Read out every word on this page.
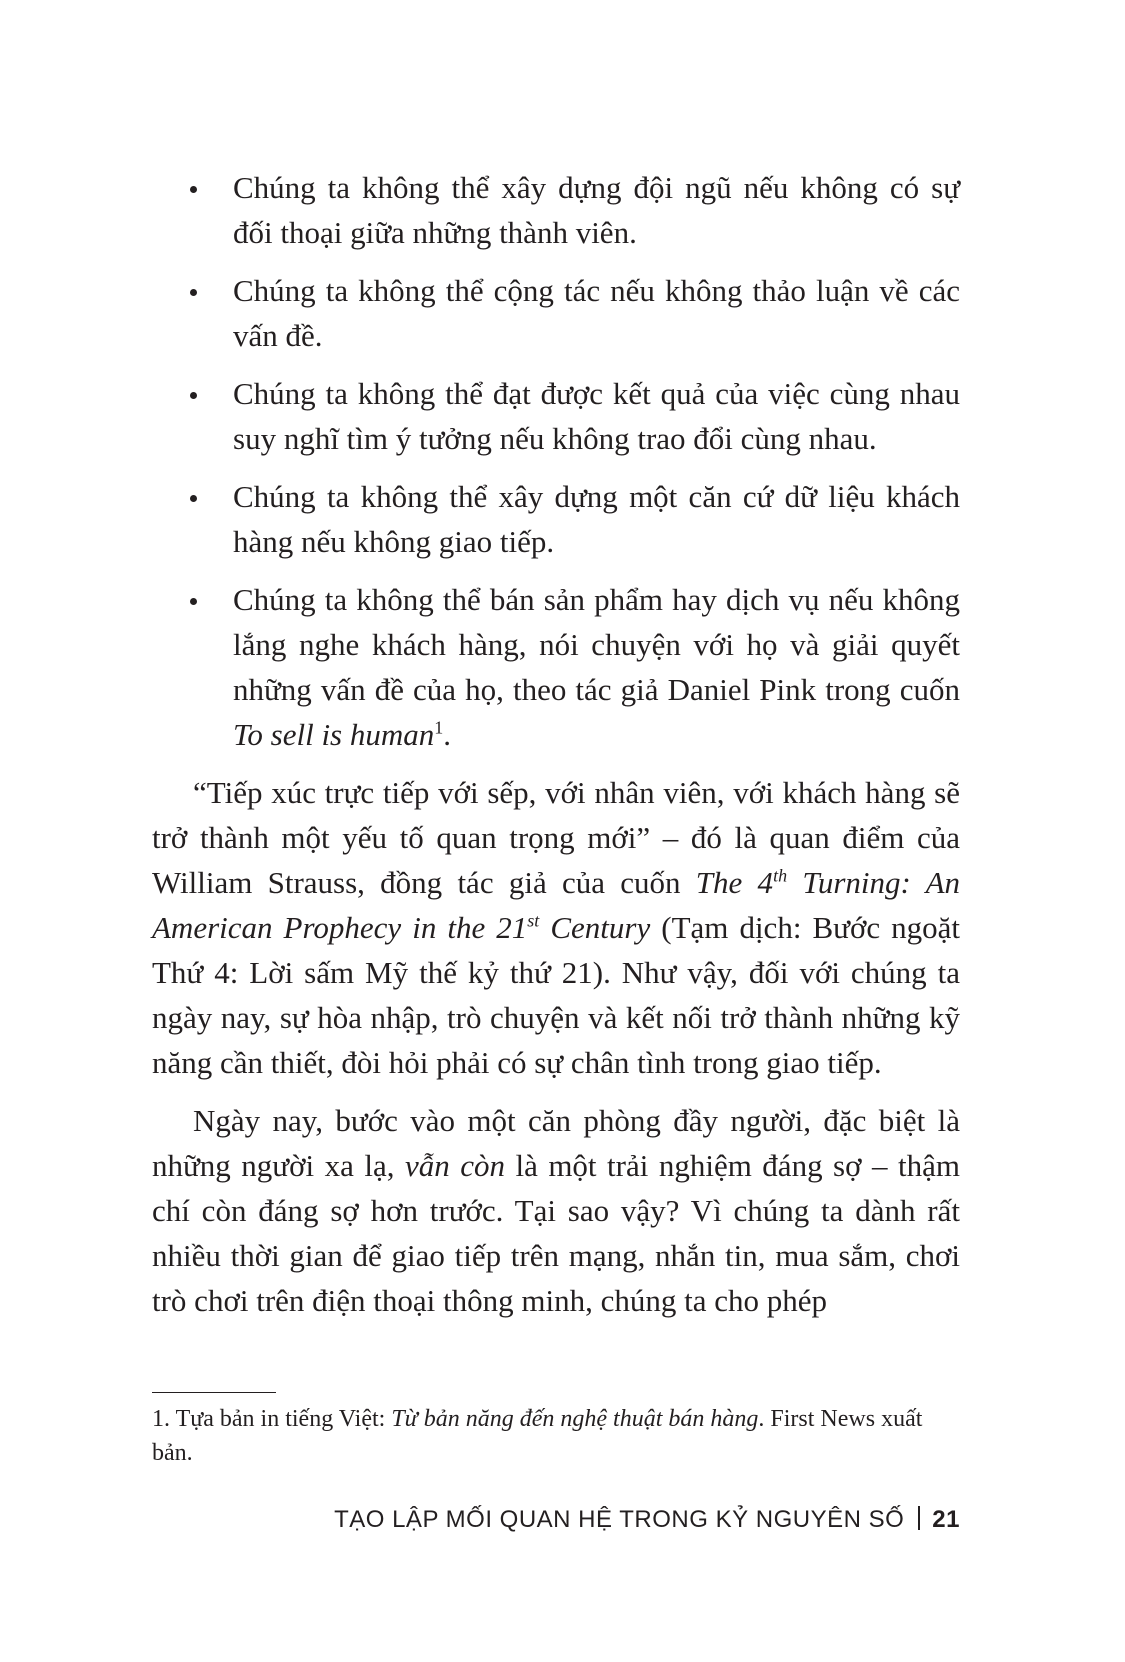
Chúng ta không thể xây dựng đội ngũ nếu không có sự đối thoại giữa những thành viên.
Chúng ta không thể cộng tác nếu không thảo luận về các vấn đề.
Chúng ta không thể đạt được kết quả của việc cùng nhau suy nghĩ tìm ý tưởng nếu không trao đổi cùng nhau.
Chúng ta không thể xây dựng một căn cứ dữ liệu khách hàng nếu không giao tiếp.
Chúng ta không thể bán sản phẩm hay dịch vụ nếu không lắng nghe khách hàng, nói chuyện với họ và giải quyết những vấn đề của họ, theo tác giả Daniel Pink trong cuốn To sell is human$^1$.

“Tiếp xúc trực tiếp với sếp, với nhân viên, với khách hàng sẽ trở thành một yếu tố quan trọng mới” – đó là quan điểm của William Strauss, đồng tác giả của cuốn The 4th Turning: An American Prophecy in the 21st Century (Tạm dịch: Bước ngoặt Thứ 4: Lời sấm Mỹ thế kỷ thứ 21). Như vậy, đối với chúng ta ngày nay, sự hòa nhập, trò chuyện và kết nối trở thành những kỹ năng cần thiết, đòi hỏi phải có sự chân tình trong giao tiếp.

Ngày nay, bước vào một căn phòng đầy người, đặc biệt là những người xa lạ, vẫn còn là một trải nghiệm đáng sợ – thậm chí còn đáng sợ hơn trước. Tại sao vậy? Vì chúng ta dành rất nhiều thời gian để giao tiếp trên mạng, nhắn tin, mua sắm, chơi trò chơi trên điện thoại thông minh, chúng ta cho phép

1. Tựa bản in tiếng Việt: Từ bản năng đến nghệ thuật bán hàng. First News xuất bản.
TẠO LẬP MỐI QUAN HỆ TRONG KỶ NGUYÊN SỐ 21
